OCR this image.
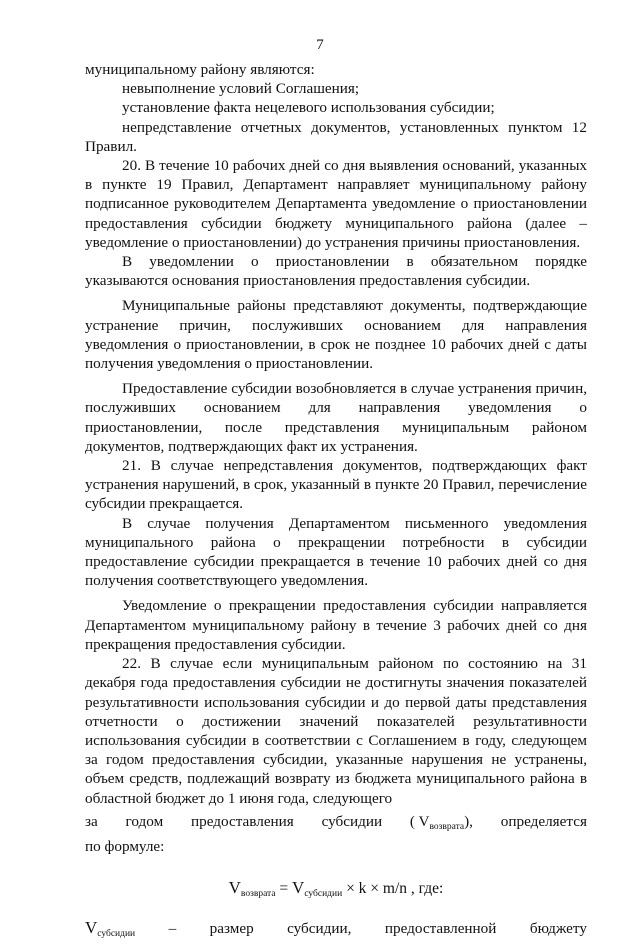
7

муниципальному району являются:

невыполнение условий Соглашения;

установление факта нецелевого использования субсидии;

непредставление отчетных документов, установленных пунктом 12 Правил.

20. В течение 10 рабочих дней со дня выявления оснований, указанных в пункте 19 Правил, Департамент направляет муниципальному району подписанное руководителем Департамента уведомление о приостановлении предоставления субсидии бюджету муниципального района (далее – уведомление о приостановлении) до устранения причины приостановления.

В уведомлении о приостановлении в обязательном порядке указываются основания приостановления предоставления субсидии.

Муниципальные районы представляют документы, подтверждающие устранение причин, послуживших основанием для направления уведомления о приостановлении, в срок не позднее 10 рабочих дней с даты получения уведомления о приостановлении.

Предоставление субсидии возобновляется в случае устранения причин, послуживших основанием для направления уведомления о приостановлении, после представления муниципальным районом документов, подтверждающих факт их устранения.

21. В случае непредставления документов, подтверждающих факт устранения нарушений, в срок, указанный в пункте 20 Правил, перечисление субсидии прекращается.

В случае получения Департаментом письменного уведомления муниципального района о прекращении потребности в субсидии предоставление субсидии прекращается в течение 10 рабочих дней со дня получения соответствующего уведомления.

Уведомление о прекращении предоставления субсидии направляется Департаментом муниципальному району в течение 3 рабочих дней со дня прекращения предоставления субсидии.

22. В случае если муниципальным районом по состоянию на 31 декабря года предоставления субсидии не достигнуты значения показателей результативности использования субсидии и до первой даты представления отчетности о достижении значений показателей результативности использования субсидии в соответствии с Соглашением в году, следующем за годом предоставления субсидии, указанные нарушения не устранены, объем средств, подлежащий возврату из бюджета муниципального района в областной бюджет до 1 июня года, следующего

за годом предоставления субсидии ( $V_{возврата}$), определяется

по формуле:

$V_{возврата} = V_{субсидии} \times k \times m/n$ , где:
$V_{субсидии}$ – размер субсидии, предоставленной бюджету
